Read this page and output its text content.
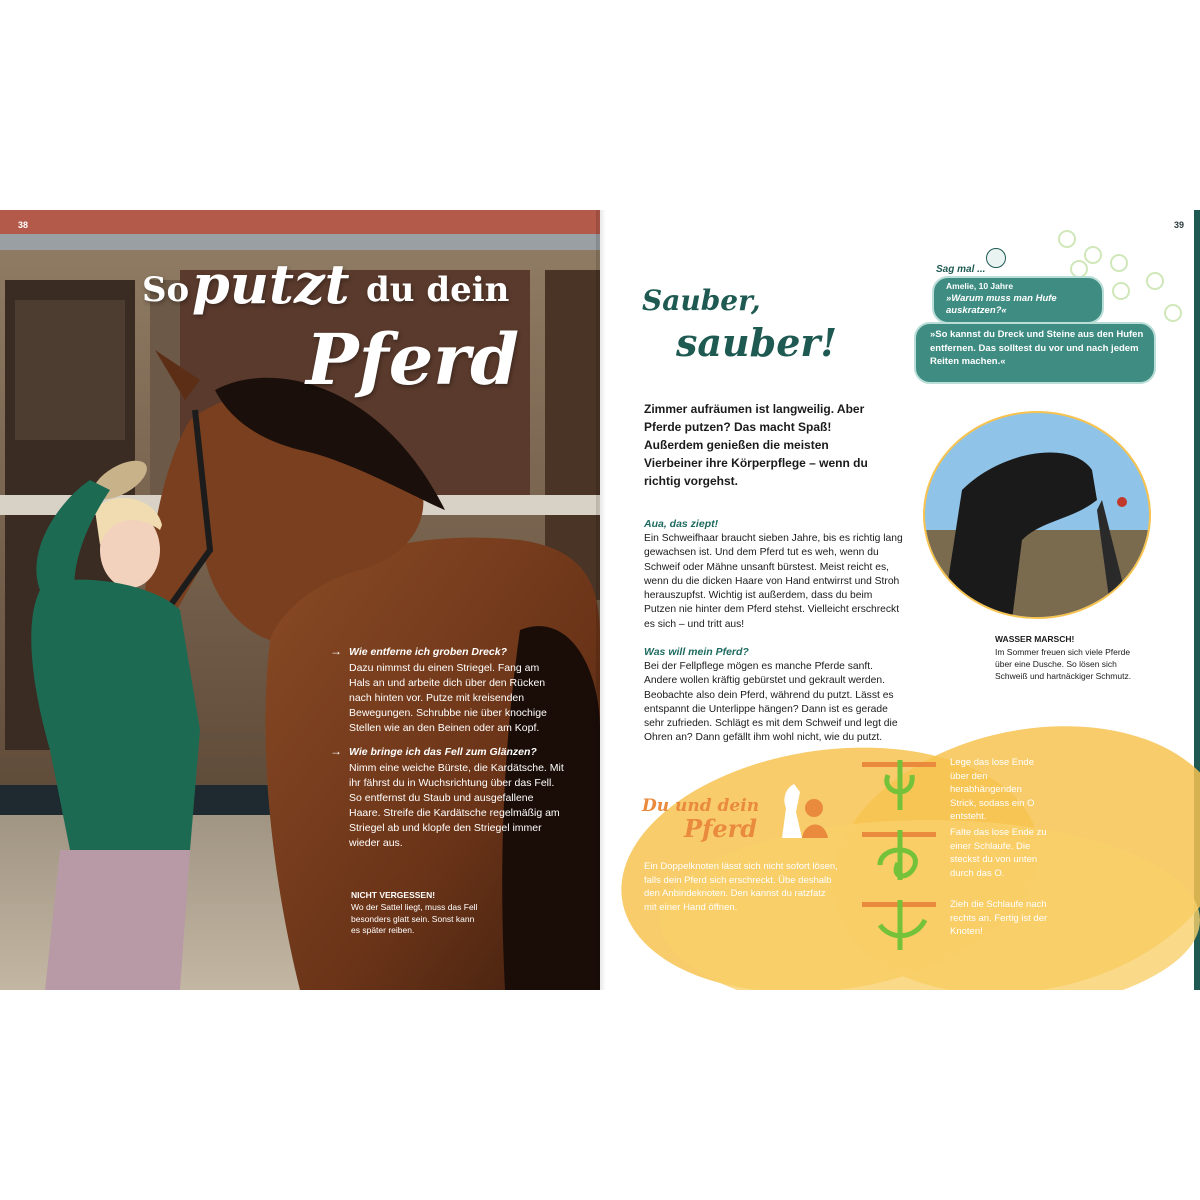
38
So putzt du dein
Pferd
→ Wie entferne ich groben Dreck?
Dazu nimmst du einen Striegel. Fang am Hals an und arbeite dich über den Rücken nach hinten vor. Putze mit kreisenden Bewegungen. Schrubbe nie über knochige Stellen wie an den Beinen oder am Kopf.
→ Wie bringe ich das Fell zum Glänzen?
Nimm eine weiche Bürste, die Kardätsche. Mit ihr fährst du in Wuchsrichtung über das Fell. So entfernst du Staub und ausgefallene Haare. Streife die Kardätsche regelmäßig am Striegel ab und klopfe den Striegel immer wieder aus.
NICHT VERGESSEN!
Wo der Sattel liegt, muss das Fell besonders glatt sein. Sonst kann es später reiben.
39
Sauber,
sauber!
Zimmer aufräumen ist langweilig. Aber Pferde putzen? Das macht Spaß! Außerdem genießen die meisten Vierbeiner ihre Körperpflege – wenn du richtig vorgehst.
Aua, das ziept!
Ein Schweifhaar braucht sieben Jahre, bis es richtig lang gewachsen ist. Und dem Pferd tut es weh, wenn du Schweif oder Mähne unsanft bürstest. Meist reicht es, wenn du die dicken Haare von Hand entwirrst und Stroh herauszupfst. Wichtig ist außerdem, dass du beim Putzen nie hinter dem Pferd stehst. Vielleicht erschreckt es sich – und tritt aus!
Was will mein Pferd?
Bei der Fellpflege mögen es manche Pferde sanft. Andere wollen kräftig gebürstet und gekrault werden. Beobachte also dein Pferd, während du putzt. Lässt es entspannt die Unterlippe hängen? Dann ist es gerade sehr zufrieden. Schlägt es mit dem Schweif und legt die Ohren an? Dann gefällt ihm wohl nicht, wie du putzt.
Sag mal ...
Amelie, 10 Jahre
»Warum muss man Hufe auskratzen?«
»So kannst du Dreck und Steine aus den Hufen entfernen. Das solltest du vor und nach jedem Reiten machen.«
WASSER MARSCH!
Im Sommer freuen sich viele Pferde über eine Dusche. So lösen sich Schweiß und hartnäckiger Schmutz.
Du und dein
Pferd
Ein Doppelknoten lässt sich nicht sofort lösen, falls dein Pferd sich erschreckt. Übe deshalb den Anbindeknoten. Den kannst du ratzfatz mit einer Hand öffnen.
Lege das lose Ende über den herabhängenden Strick, sodass ein O entsteht.
Falte das lose Ende zu einer Schlaufe. Die steckst du von unten durch das O.
Zieh die Schlaufe nach rechts an. Fertig ist der Knoten!
